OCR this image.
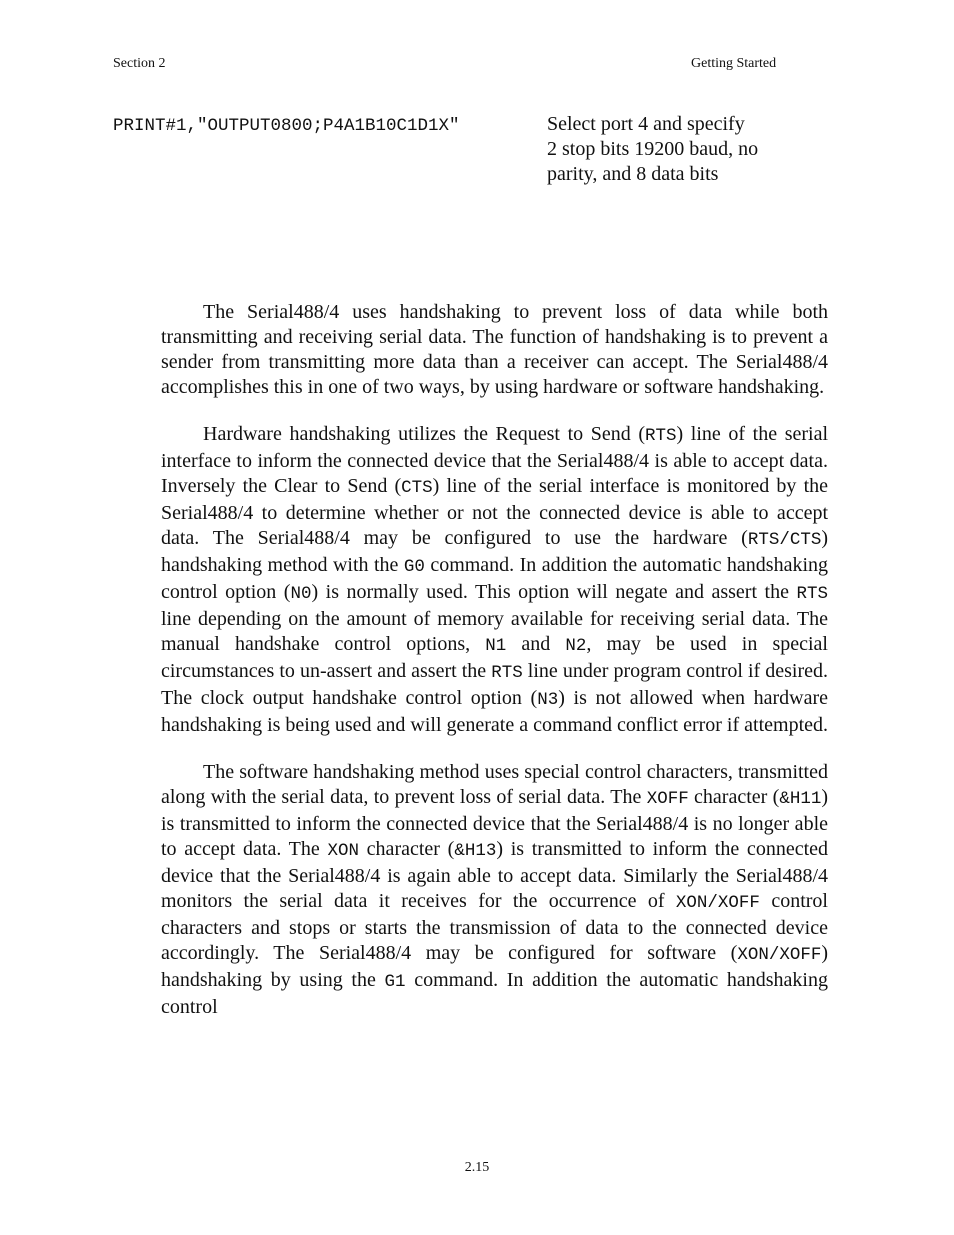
Section 2	Getting Started
PRINT#1,"OUTPUT0800;P4A1B10C1D1X"	Select port 4 and specify
2 stop bits 19200 baud, no
parity, and 8 data bits

The Serial488/4 uses handshaking to prevent loss of data while both transmitting and receiving serial data. The function of handshaking is to prevent a sender from transmitting more data than a receiver can accept. The Serial488/4 accomplishes this in one of two ways, by using hardware or software handshaking.

Hardware handshaking utilizes the Request to Send (RTS) line of the serial interface to inform the connected device that the Serial488/4 is able to accept data. Inversely the Clear to Send (CTS) line of the serial interface is monitored by the Serial488/4 to determine whether or not the connected device is able to accept data. The Serial488/4 may be configured to use the hardware (RTS/CTS) handshaking method with the G0 command. In addition the automatic handshaking control option (N0) is normally used. This option will negate and assert the RTS line depending on the amount of memory available for receiving serial data. The manual handshake control options, N1 and N2, may be used in special circumstances to un-assert and assert the RTS line under program control if desired. The clock output handshake control option (N3) is not allowed when hardware handshaking is being used and will generate a command conflict error if attempted.

The software handshaking method uses special control characters, transmitted along with the serial data, to prevent loss of serial data. The XOFF character (&H11) is transmitted to inform the connected device that the Serial488/4 is no longer able to accept data. The XON character (&H13) is transmitted to inform the connected device that the Serial488/4 is again able to accept data. Similarly the Serial488/4 monitors the serial data it receives for the occurrence of XON/XOFF control characters and stops or starts the transmission of data to the connected device accordingly. The Serial488/4 may be configured for software (XON/XOFF) handshaking by using the G1 command. In addition the automatic handshaking control

2.15
